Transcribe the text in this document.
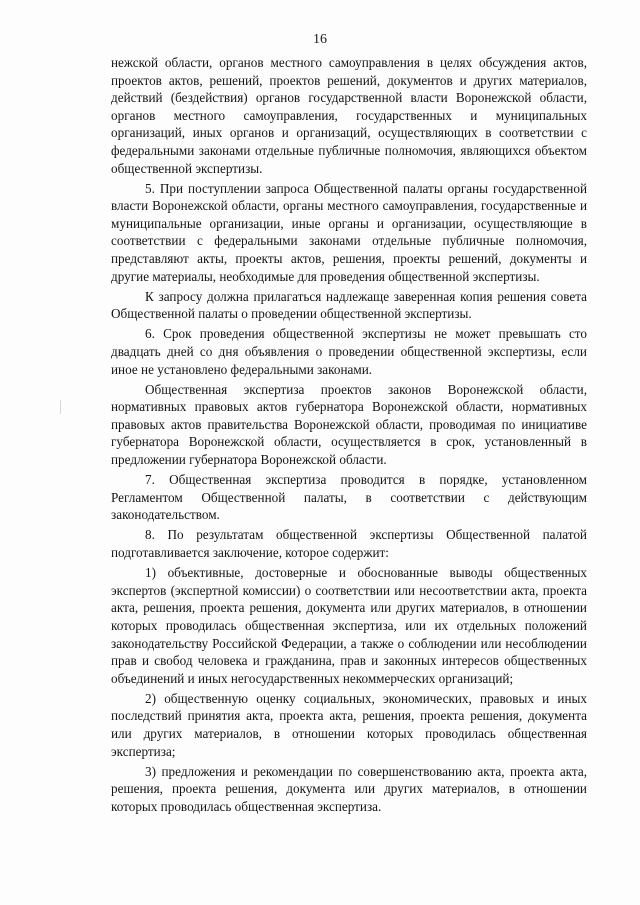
16

нежской области, органов местного самоуправления в целях обсуждения актов, проектов актов, решений, проектов решений, документов и других материалов, действий (бездействия) органов государственной власти Воронежской области, органов местного самоуправления, государственных и муниципальных организаций, иных органов и организаций, осуществляющих в соответствии с федеральными законами отдельные публичные полномочия, являющихся объектом общественной экспертизы.

5. При поступлении запроса Общественной палаты органы государственной власти Воронежской области, органы местного самоуправления, государственные и муниципальные организации, иные органы и организации, осуществляющие в соответствии с федеральными законами отдельные публичные полномочия, представляют акты, проекты актов, решения, проекты решений, документы и другие материалы, необходимые для проведения общественной экспертизы.

К запросу должна прилагаться надлежаще заверенная копия решения совета Общественной палаты о проведении общественной экспертизы.

6. Срок проведения общественной экспертизы не может превышать сто двадцать дней со дня объявления о проведении общественной экспертизы, если иное не установлено федеральными законами.

Общественная экспертиза проектов законов Воронежской области, нормативных правовых актов губернатора Воронежской области, нормативных правовых актов правительства Воронежской области, проводимая по инициативе губернатора Воронежской области, осуществляется в срок, установленный в предложении губернатора Воронежской области.

7. Общественная экспертиза проводится в порядке, установленном Регламентом Общественной палаты, в соответствии с действующим законодательством.

8. По результатам общественной экспертизы Общественной палатой подготавливается заключение, которое содержит:

1) объективные, достоверные и обоснованные выводы общественных экспертов (экспертной комиссии) о соответствии или несоответствии акта, проекта акта, решения, проекта решения, документа или других материалов, в отношении которых проводилась общественная экспертиза, или их отдельных положений законодательству Российской Федерации, а также о соблюдении или несоблюдении прав и свобод человека и гражданина, прав и законных интересов общественных объединений и иных негосударственных некоммерческих организаций;

2) общественную оценку социальных, экономических, правовых и иных последствий принятия акта, проекта акта, решения, проекта решения, документа или других материалов, в отношении которых проводилась общественная экспертиза;

3) предложения и рекомендации по совершенствованию акта, проекта акта, решения, проекта решения, документа или других материалов, в отношении которых проводилась общественная экспертиза.
